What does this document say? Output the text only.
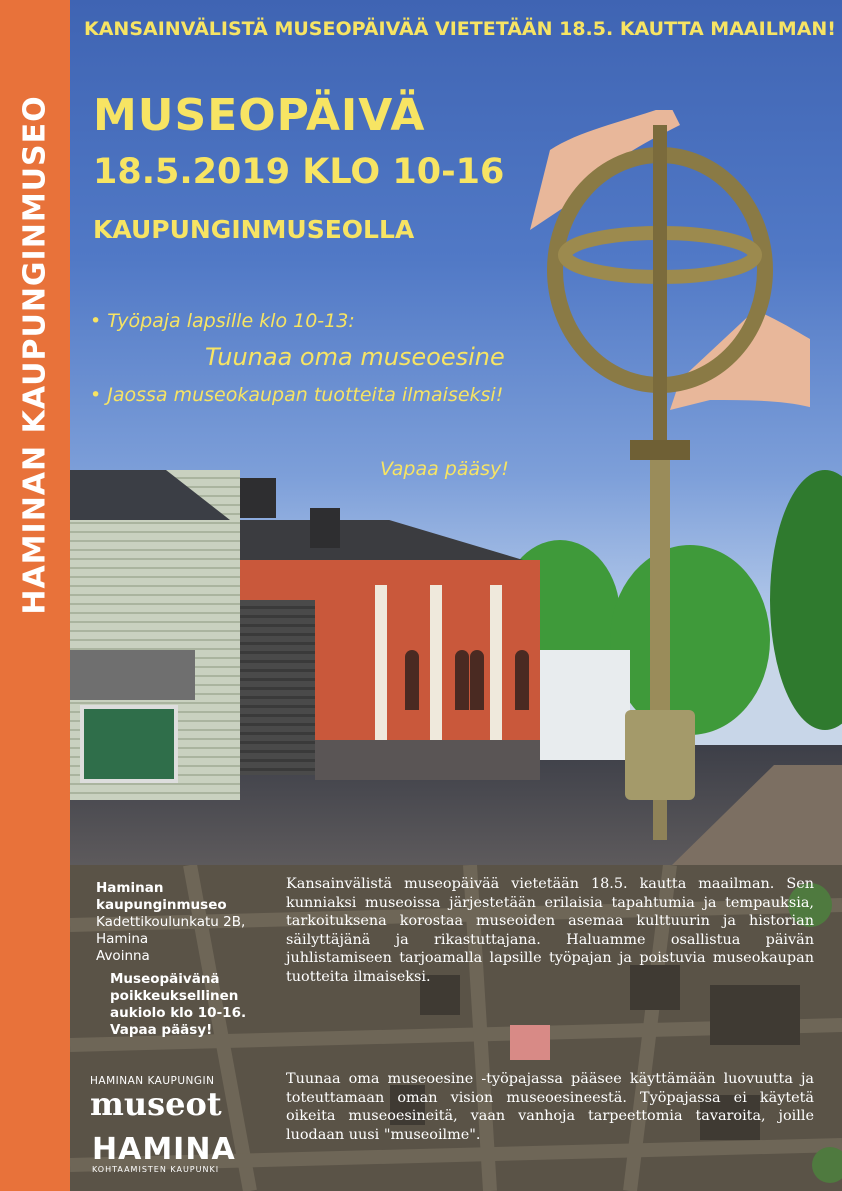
HAMINAN KAUPUNGINMUSEO
KANSAINVÄLISTÄ MUSEOPÄIVÄÄ VIETETÄÄN 18.5. KAUTTA MAAILMAN!
MUSEOPÄIVÄ
18.5.2019 KLO 10-16
KAUPUNGINMUSEOLLA
• Työpaja lapsille klo 10-13:
Tuunaa oma museoesine
• Jaossa museokaupan tuotteita ilmaiseksi!
Vapaa pääsy!
Haminan
kaupunginmuseo
Kadettikoulunkatu 2B,
Hamina
Avoinna
Museopäivänä
poikkeuksellinen
aukiolo klo 10-16.
Vapaa pääsy!
HAMINAN KAUPUNGIN
museot
HAMINA
KOHTAAMISTEN KAUPUNKI
Kansainvälistä museopäivää vietetään 18.5. kautta maailman. Sen kunniaksi museoissa järjestetään erilaisia tapahtumia ja tempauksia, tarkoituksena korostaa museoiden asemaa kulttuurin ja historian säilyttäjänä ja rikastuttajana. Haluamme osallistua päivän juhlistamiseen tarjoamalla lapsille työpajan ja poistuvia museokaupan tuotteita ilmaiseksi.
Tuunaa oma museoesine -työpajassa pääsee käyttämään luovuutta ja toteuttamaan oman vision museoesineestä. Työpajassa ei käytetä oikeita museoesineitä, vaan vanhoja tarpeettomia tavaroita, joille luodaan uusi "museoilme".
